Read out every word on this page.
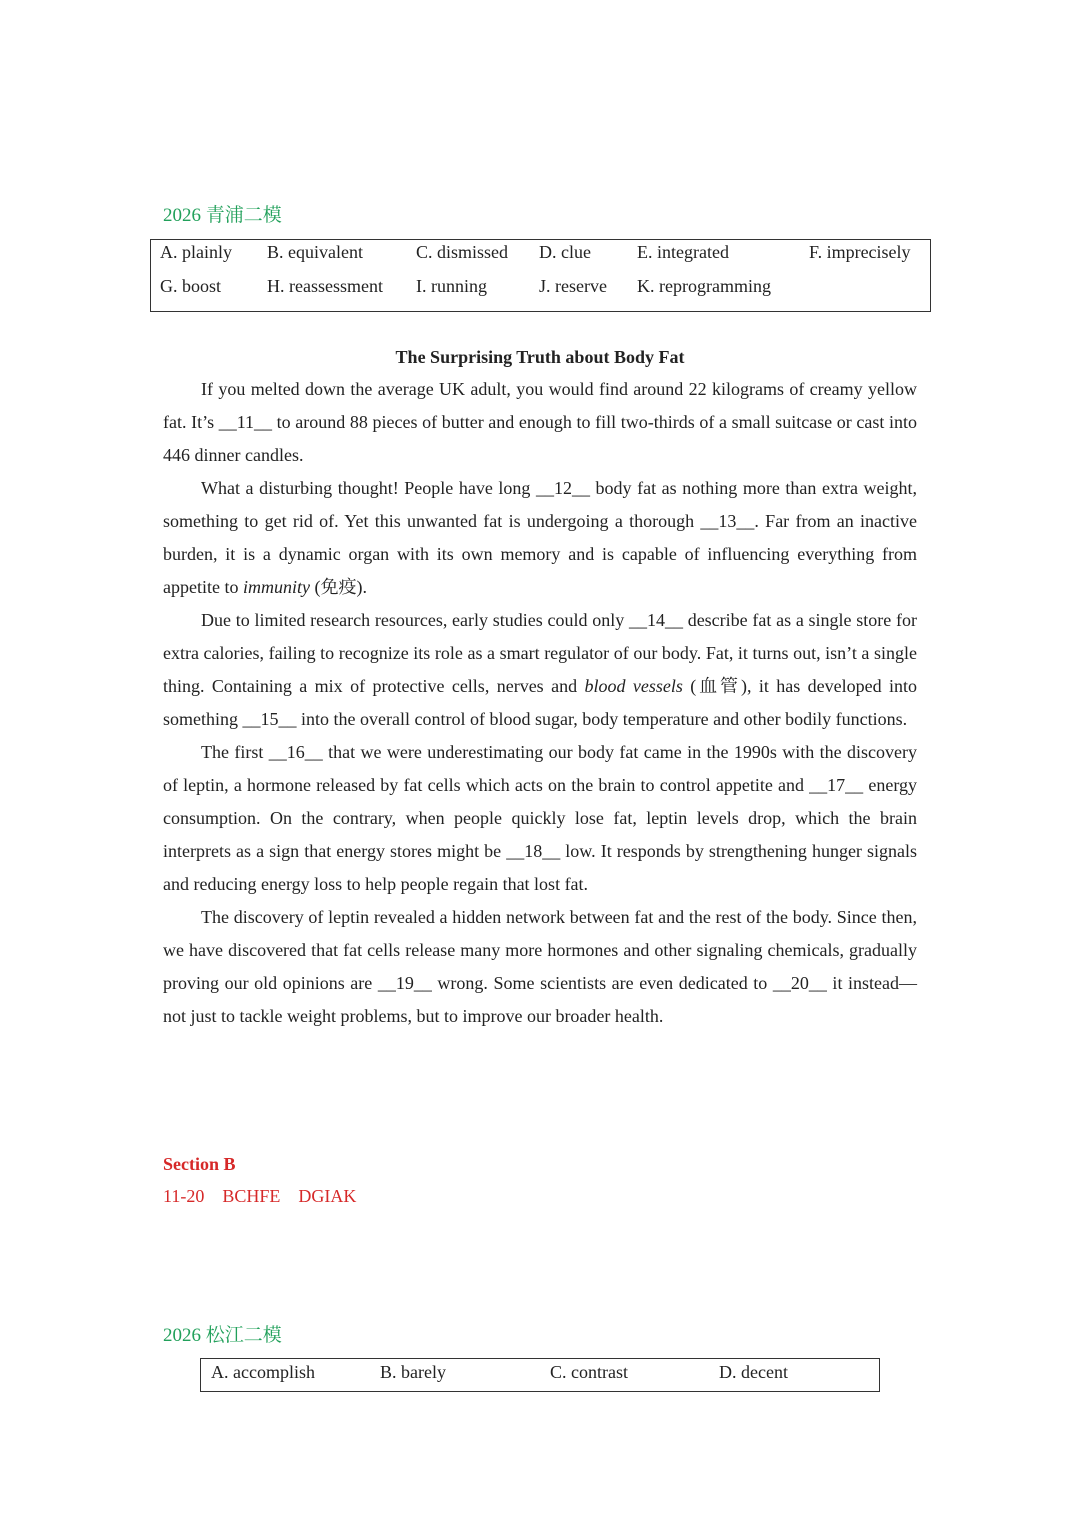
2026 青浦二模
A. plainly B. equivalent	C. dismissed D. clue	E. integrated	F. imprecisely
G. boost	H. reassessment I. running	J. reserve K. reprogramming
The Surprising Truth about Body Fat

If you melted down the average UK adult, you would find around 22 kilograms of creamy yellow fat. It’s __11__ to around 88 pieces of butter and enough to fill two-thirds of a small suitcase or cast into 446 dinner candles.

What a disturbing thought! People have long __12__ body fat as nothing more than extra weight, something to get rid of. Yet this unwanted fat is undergoing a thorough __13__. Far from an inactive burden, it is a dynamic organ with its own memory and is capable of influencing everything from appetite to immunity (免疫).

Due to limited research resources, early studies could only __14__ describe fat as a single store for extra calories, failing to recognize its role as a smart regulator of our body. Fat, it turns out, isn’t a single thing. Containing a mix of protective cells, nerves and blood vessels (血管), it has developed into something __15__ into the overall control of blood sugar, body temperature and other bodily functions.

The first __16__ that we were underestimating our body fat came in the 1990s with the discovery of leptin, a hormone released by fat cells which acts on the brain to control appetite and __17__ energy consumption. On the contrary, when people quickly lose fat, leptin levels drop, which the brain interprets as a sign that energy stores might be __18__ low. It responds by strengthening hunger signals and reducing energy loss to help people regain that lost fat.

The discovery of leptin revealed a hidden network between fat and the rest of the body. Since then, we have discovered that fat cells release many more hormones and other signaling chemicals, gradually proving our old opinions are __19__ wrong. Some scientists are even dedicated to __20__ it instead—not just to tackle weight problems, but to improve our broader health.

Section B
11-20 BCHFE DGIAK
2026 松江二模
A. accomplish	B. barely	C. contrast	D. decent
